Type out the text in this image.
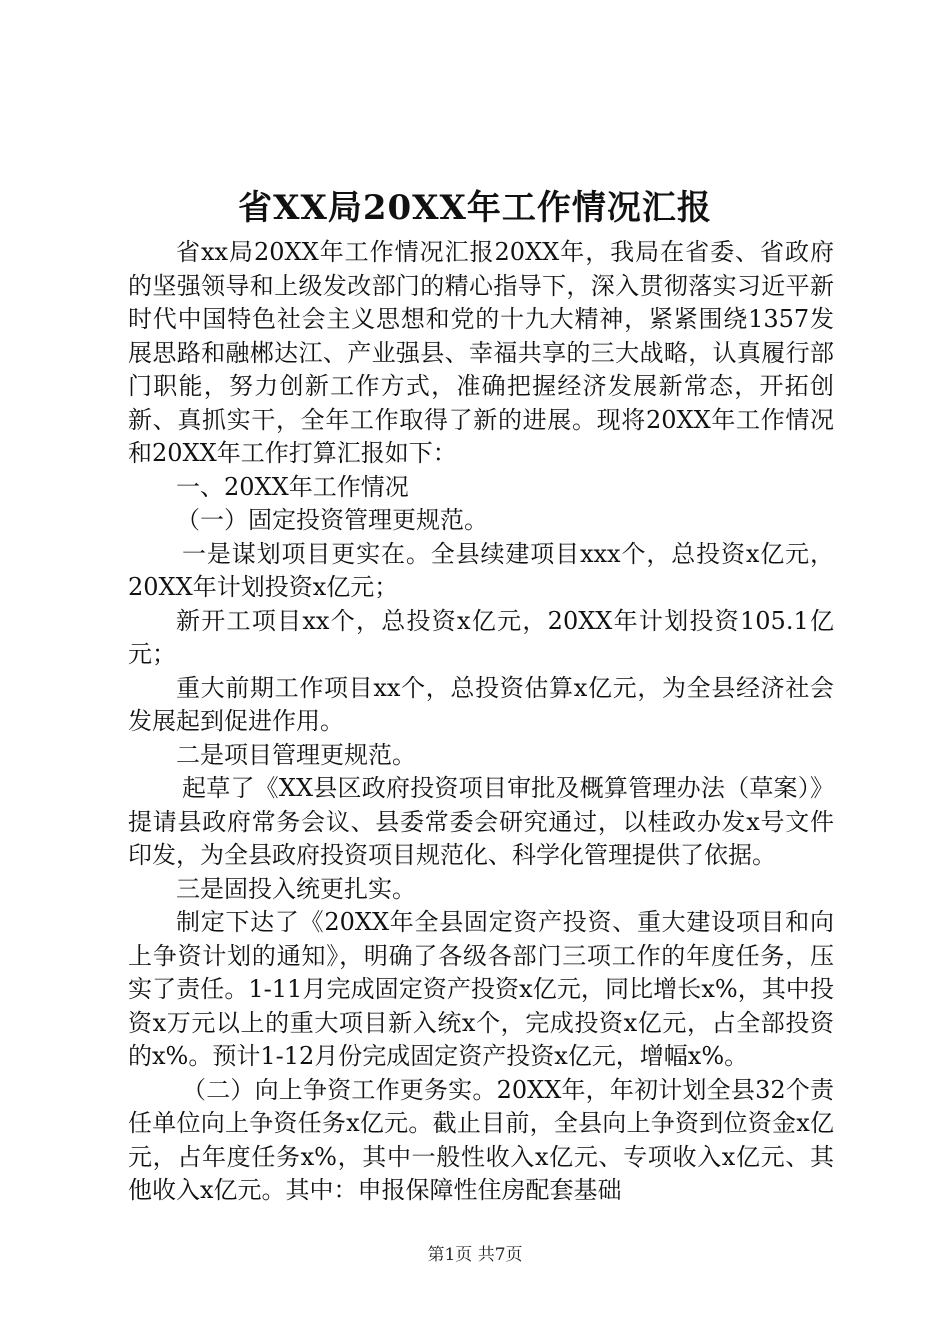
省XX局20XX年工作情况汇报

省xx局20XX年工作情况汇报20XX年，我局在省委、省政府的坚强领导和上级发改部门的精心指导下，深入贯彻落实习近平新时代中国特色社会主义思想和党的十九大精神，紧紧围绕1357发展思路和融郴达江、产业强县、幸福共享的三大战略，认真履行部门职能，努力创新工作方式，准确把握经济发展新常态，开拓创新、真抓实干，全年工作取得了新的进展。现将20XX年工作情况和20XX年工作打算汇报如下：

一、20XX年工作情况

（一）固定投资管理更规范。

一是谋划项目更实在。全县续建项目xxx个，总投资x亿元，20XX年计划投资x亿元；

新开工项目xx个，总投资x亿元，20XX年计划投资105.1亿元；

重大前期工作项目xx个，总投资估算x亿元，为全县经济社会发展起到促进作用。

二是项目管理更规范。

起草了《XX县区政府投资项目审批及概算管理办法（草案）》提请县政府常务会议、县委常委会研究通过，以桂政办发x号文件印发，为全县政府投资项目规范化、科学化管理提供了依据。

三是固投入统更扎实。

制定下达了《20XX年全县固定资产投资、重大建设项目和向上争资计划的通知》，明确了各级各部门三项工作的年度任务，压实了责任。1-11月完成固定资产投资x亿元，同比增长x%，其中投资x万元以上的重大项目新入统x个，完成投资x亿元，占全部投资的x%。预计1-12月份完成固定资产投资x亿元，增幅x%。

（二）向上争资工作更务实。20XX年，年初计划全县32个责任单位向上争资任务x亿元。截止目前，全县向上争资到位资金x亿元，占年度任务x%，其中一般性收入x亿元、专项收入x亿元、其他收入x亿元。其中：申报保障性住房配套基础

第1页 共7页
